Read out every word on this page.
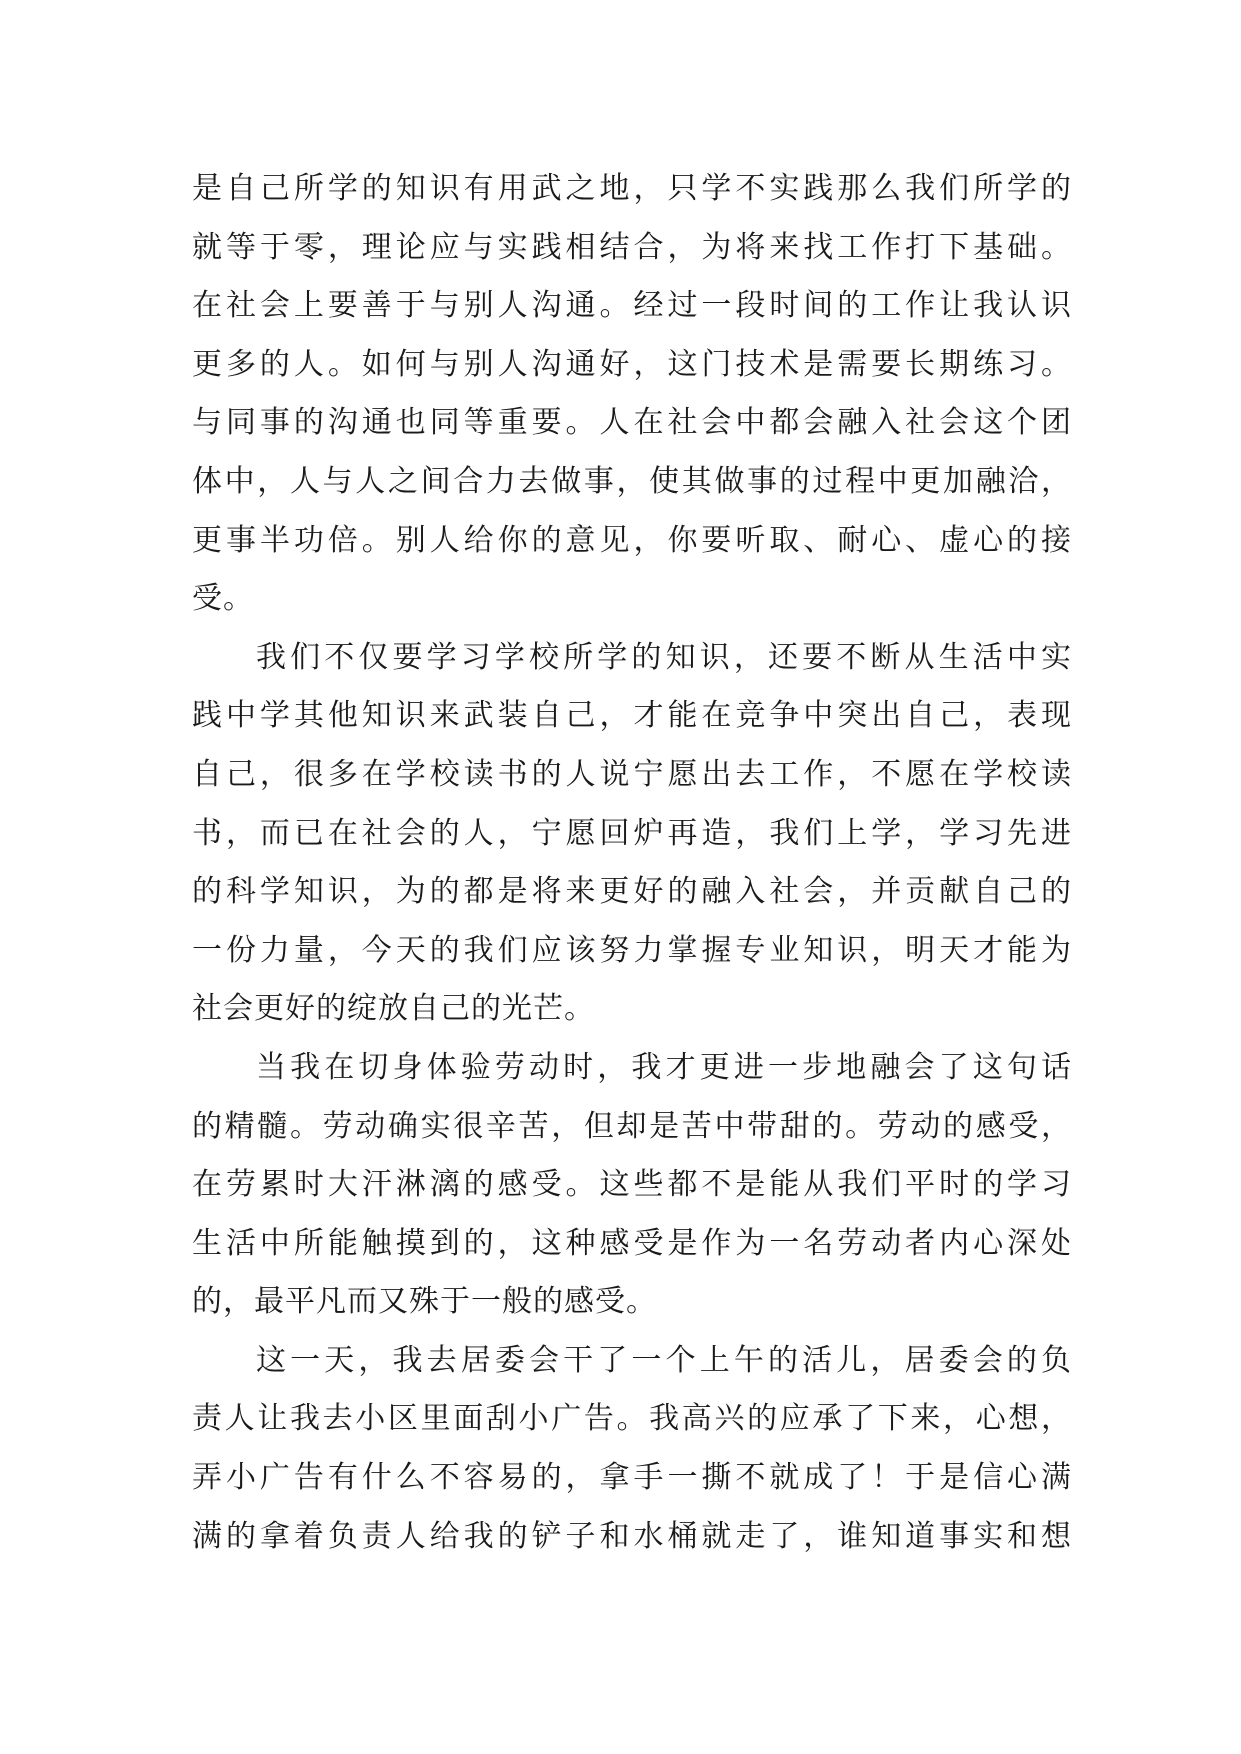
是自己所学的知识有用武之地，只学不实践那么我们所学的
就等于零，理论应与实践相结合，为将来找工作打下基础。
在社会上要善于与别人沟通。经过一段时间的工作让我认识
更多的人。如何与别人沟通好，这门技术是需要长期练习。
与同事的沟通也同等重要。人在社会中都会融入社会这个团
体中，人与人之间合力去做事，使其做事的过程中更加融洽，
更事半功倍。别人给你的意见，你要听取、耐心、虚心的接
受。
我们不仅要学习学校所学的知识，还要不断从生活中实
践中学其他知识来武装自己，才能在竞争中突出自己，表现
自己，很多在学校读书的人说宁愿出去工作，不愿在学校读
书，而已在社会的人，宁愿回炉再造，我们上学，学习先进
的科学知识，为的都是将来更好的融入社会，并贡献自己的
一份力量，今天的我们应该努力掌握专业知识，明天才能为
社会更好的绽放自己的光芒。
当我在切身体验劳动时，我才更进一步地融会了这句话
的精髓。劳动确实很辛苦，但却是苦中带甜的。劳动的感受，
在劳累时大汗淋漓的感受。这些都不是能从我们平时的学习
生活中所能触摸到的，这种感受是作为一名劳动者内心深处
的，最平凡而又殊于一般的感受。
这一天，我去居委会干了一个上午的活儿，居委会的负
责人让我去小区里面刮小广告。我高兴的应承了下来，心想，
弄小广告有什么不容易的，拿手一撕不就成了！于是信心满
满的拿着负责人给我的铲子和水桶就走了，谁知道事实和想
